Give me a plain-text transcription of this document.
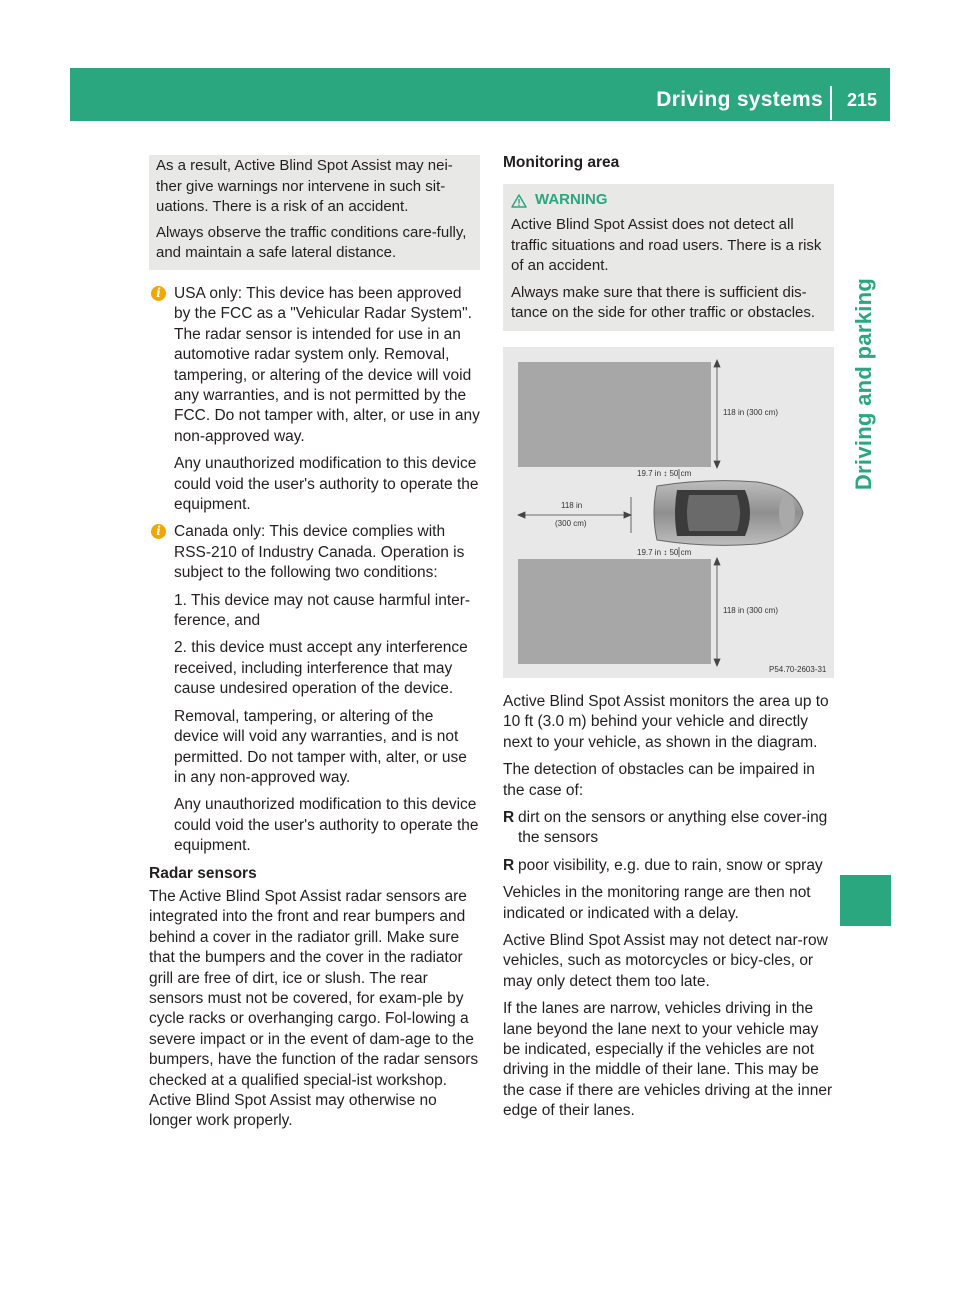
Driving systems	215
Driving and parking

As a result, Active Blind Spot Assist may nei-ther give warnings nor intervene in such sit-uations. There is a risk of an accident.

Always observe the traffic conditions care-fully, and maintain a safe lateral distance.

i USA only: This device has been approved by the FCC as a "Vehicular Radar System". The radar sensor is intended for use in an automotive radar system only. Removal, tampering, or altering of the device will void any warranties, and is not permitted by the FCC. Do not tamper with, alter, or use in any non-approved way.

Any unauthorized modification to this device could void the user's authority to operate the equipment.

i Canada only: This device complies with RSS-210 of Industry Canada. Operation is subject to the following two conditions:

1. This device may not cause harmful inter-ference, and

2. this device must accept any interference received, including interference that may cause undesired operation of the device.

Removal, tampering, or altering of the device will void any warranties, and is not permitted. Do not tamper with, alter, or use in any non-approved way.

Any unauthorized modification to this device could void the user's authority to operate the equipment.

Radar sensors

The Active Blind Spot Assist radar sensors are integrated into the front and rear bumpers and behind a cover in the radiator grill. Make sure that the bumpers and the cover in the radiator grill are free of dirt, ice or slush. The rear sensors must not be covered, for exam-ple by cycle racks or overhanging cargo. Fol-lowing a severe impact or in the event of dam-age to the bumpers, have the function of the radar sensors checked at a qualified special-ist workshop. Active Blind Spot Assist may otherwise no longer work properly.

Monitoring area
WARNING

Active Blind Spot Assist does not detect all traffic situations and road users. There is a risk of an accident.

Always make sure that there is sufficient dis-tance on the side for other traffic or obstacles.

118 in (300 cm)
118 in (300 cm)
19.7 in ↕ 50 cm
19.7 in ↕ 50 cm
118 in
(300 cm)
P54.70-2603-31

Active Blind Spot Assist monitors the area up to 10 ft (3.0 m) behind your vehicle and directly next to your vehicle, as shown in the diagram.

The detection of obstacles can be impaired in the case of:

R dirt on the sensors or anything else cover-ing the sensors
R poor visibility, e.g. due to rain, snow or spray

Vehicles in the monitoring range are then not indicated or indicated with a delay.

Active Blind Spot Assist may not detect nar-row vehicles, such as motorcycles or bicy-cles, or may only detect them too late.

If the lanes are narrow, vehicles driving in the lane beyond the lane next to your vehicle may be indicated, especially if the vehicles are not driving in the middle of their lane. This may be the case if there are vehicles driving at the inner edge of their lanes.
